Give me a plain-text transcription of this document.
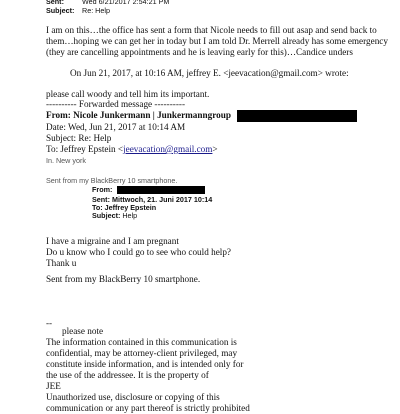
Sent:	Wed 6/21/2017 2:54:21 PM
Subject: Re: Help
I am on this…the office has sent a form that Nicole needs to fill out asap and send back to
them…hoping we can get her in today but I am told Dr. Merrell already has some emergency
(they are cancelling appointments and he is leaving early for this)…Candice unders
On Jun 21, 2017, at 10:16 AM, jeffrey E. <jeevacation@gmail.com> wrote:
please call woody and tell him its important.
---------- Forwarded message ----------
From: Nicole Junkermann | Junkermanngroup
Date: Wed, Jun 21, 2017 at 10:14 AM
Subject: Re: Help
To: Jeffrey Epstein <jeevacation@gmail.com>
In. New york
Sent from my BlackBerry 10 smartphone.
From:
Sent: Mittwoch, 21. Juni 2017 10:14
To: Jeffrey Epstein
Subject: Help
I have a migraine and I am pregnant
Do u know who I could go to see who could help?
Thank u
Sent from my BlackBerry 10 smartphone.
--
please note
The information contained in this communication is
confidential, may be attorney-client privileged, may
constitute inside information, and is intended only for
the use of the addressee. It is the property of
JEE
Unauthorized use, disclosure or copying of this
communication or any part thereof is strictly prohibited
